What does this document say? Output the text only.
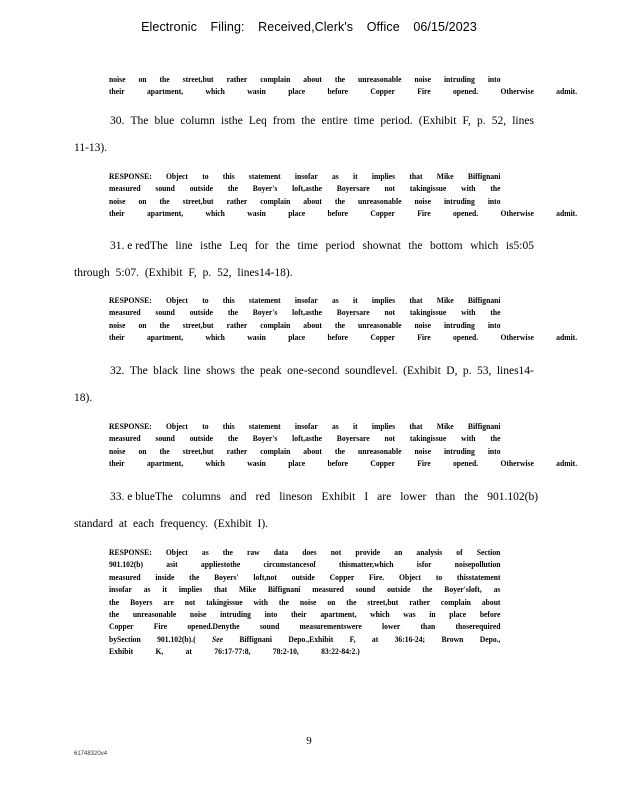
Electronic Filing: Received,Clerk's Office 06/15/2023
noise on the street,but rather complain about the unreasonable noise intruding into
their	apartment,	which	wasin	place	before	Copper	Fire	opened.	Otherwise	admit.
30. The blue column isthe Leq from the entire time period. (Exhibit F, p. 52, lines
11-13).
RESPONSE: Object to this statement insofar as it implies that Mike Biffignani
measured sound outside the Boyer's loft,asthe Boyersare not takingissue with the
noise on the street,but rather complain about the unreasonable noise intruding into
their	apartment,	which	wasin	place	before	Copper	Fire	opened.	Otherwise	admit.
31. e redThe line isthe Leq for the time period shownat the bottom which is5:05
through 5:07. (Exhibit F, p. 52, lines14-18).
RESPONSE: Object to this statement insofar as it implies that Mike Biffignani
measured sound outside the Boyer's loft,asthe Boyersare not takingissue with the
noise on the street,but rather complain about the unreasonable noise intruding into
their	apartment,	which	wasin	place	before	Copper	Fire	opened.	Otherwise	admit.
32. The black line shows the peak one-second soundlevel. (Exhibit D, p. 53, lines14-
18).
RESPONSE: Object to this statement insofar as it implies that Mike Biffignani
measured sound outside the Boyer's loft,asthe Boyersare not takingissue with the
noise on the street,but rather complain about the unreasonable noise intruding into
their	apartment,	which	wasin	place	before	Copper	Fire	opened.	Otherwise	admit.
33. e blueThe columns and red lineson Exhibit I are lower than the 901.102(b)
standard at each frequency. (Exhibit I).
RESPONSE: Object as the raw data does not provide an analysis of Section
901.102(b)	asit	appliestothe	circumstancesof	thismatter,which	isfor	noisepollution
measured inside the Boyers' loft,not outside Copper Fire. Object to thisstatement
insofar as it implies that Mike Biffignani measured sound outside the Boyer'sloft, as
the Boyers are not takingissue with the noise on the street,but rather complain about
the unreasonable noise intruding into their apartment, which was in place before
Copper Fire opened.Denythe sound measurementswere lower than thoserequired
bySection 901.102(b).( See Biffignani Depo.,Exhibit F, at 36:16-24; Brown Depo.,
Exhibit	K,	at	76:17-77:8,	78:2-10,	83:22-84:2.)
9
61748320v4
